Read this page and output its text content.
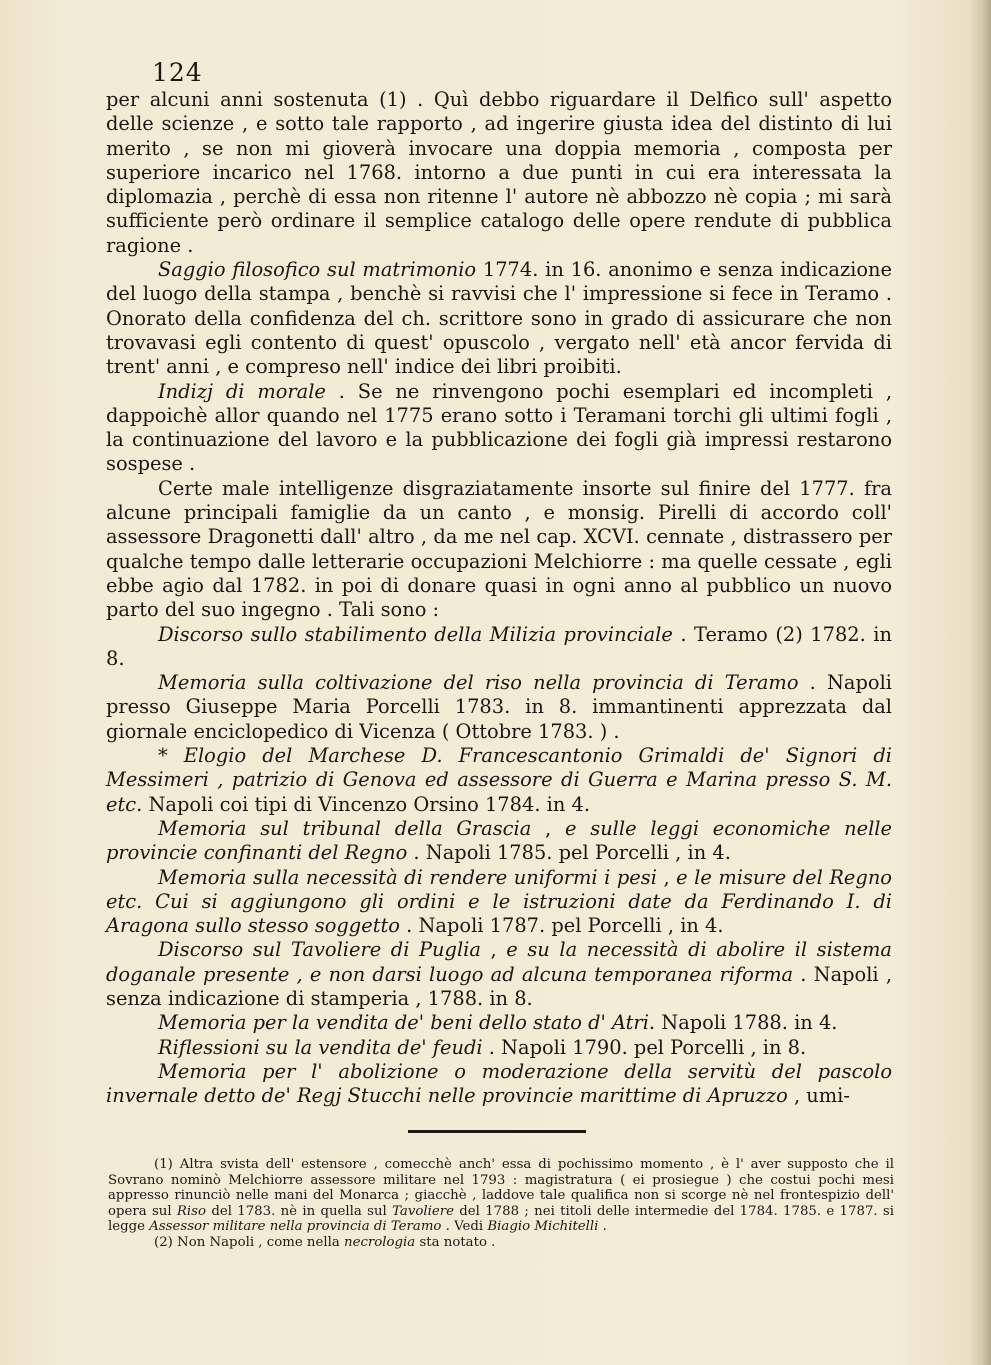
124

per alcuni anni sostenuta (1) . Quì debbo riguardare il Delfico sull' aspetto delle scienze , e sotto tale rapporto , ad ingerire giusta idea del distinto di lui merito , se non mi gioverà invocare una doppia memoria , composta per superiore incarico nel 1768. intorno a due punti in cui era interessata la diplomazia , perchè di essa non ritenne l' autore nè abbozzo nè copia ; mi sarà sufficiente però ordinare il semplice catalogo delle opere rendute di pubblica ragione .

Saggio filosofico sul matrimonio 1774. in 16. anonimo e senza indicazione del luogo della stampa , benchè si ravvisi che l' impressione si fece in Teramo . Onorato della confidenza del ch. scrittore sono in grado di assicurare che non trovavasi egli contento di quest' opuscolo , vergato nell' età ancor fervida di trent' anni , e compreso nell' indice dei libri proibiti.

Indizj di morale . Se ne rinvengono pochi esemplari ed incompleti , dappoichè allor quando nel 1775 erano sotto i Teramani torchi gli ultimi fogli , la continuazione del lavoro e la pubblicazione dei fogli già impressi restarono sospese .

Certe male intelligenze disgraziatamente insorte sul finire del 1777. fra alcune principali famiglie da un canto , e monsig. Pirelli di accordo coll' assessore Dragonetti dall' altro , da me nel cap. XCVI. cennate , distrassero per qualche tempo dalle letterarie occupazioni Melchiorre : ma quelle cessate , egli ebbe agio dal 1782. in poi di donare quasi in ogni anno al pubblico un nuovo parto del suo ingegno . Tali sono :

Discorso sullo stabilimento della Milizia provinciale . Teramo (2) 1782. in 8.

Memoria sulla coltivazione del riso nella provincia di Teramo . Napoli presso Giuseppe Maria Porcelli 1783. in 8. immantinenti apprezzata dal giornale enciclopedico di Vicenza ( Ottobre 1783. ) .

* Elogio del Marchese D. Francescantonio Grimaldi de' Signori di Messimeri , patrizio di Genova ed assessore di Guerra e Marina presso S. M. etc. Napoli coi tipi di Vincenzo Orsino 1784. in 4.

Memoria sul tribunal della Grascia , e sulle leggi economiche nelle provincie confinanti del Regno . Napoli 1785. pel Porcelli , in 4.

Memoria sulla necessità di rendere uniformi i pesi , e le misure del Regno etc. Cui si aggiungono gli ordini e le istruzioni date da Ferdinando I. di Aragona sullo stesso soggetto . Napoli 1787. pel Porcelli , in 4.

Discorso sul Tavoliere di Puglia , e su la necessità di abolire il sistema doganale presente , e non darsi luogo ad alcuna temporanea riforma . Napoli , senza indicazione di stamperia , 1788. in 8.

Memoria per la vendita de' beni dello stato d' Atri. Napoli 1788. in 4.

Riflessioni su la vendita de' feudi . Napoli 1790. pel Porcelli , in 8.

Memoria per l' abolizione o moderazione della servitù del pascolo invernale detto de' Regj Stucchi nelle provincie marittime di Apruzzo , umi-

(1) Altra svista dell' estensore , comecchè anch' essa di pochissimo momento , è l' aver supposto che il Sovrano nominò Melchiorre assessore militare nel 1793 : magistratura ( ei prosiegue ) che costui pochi mesi appresso rinunciò nelle mani del Monarca ; giacchè , laddove tale qualifica non si scorge nè nel frontespizio dell' opera sul Riso del 1783. nè in quella sul Tavoliere del 1788 ; nei titoli delle intermedie del 1784. 1785. e 1787. si legge Assessor militare nella provincia di Teramo . Vedi Biagio Michitelli .

(2) Non Napoli , come nella necrologia sta notato .
